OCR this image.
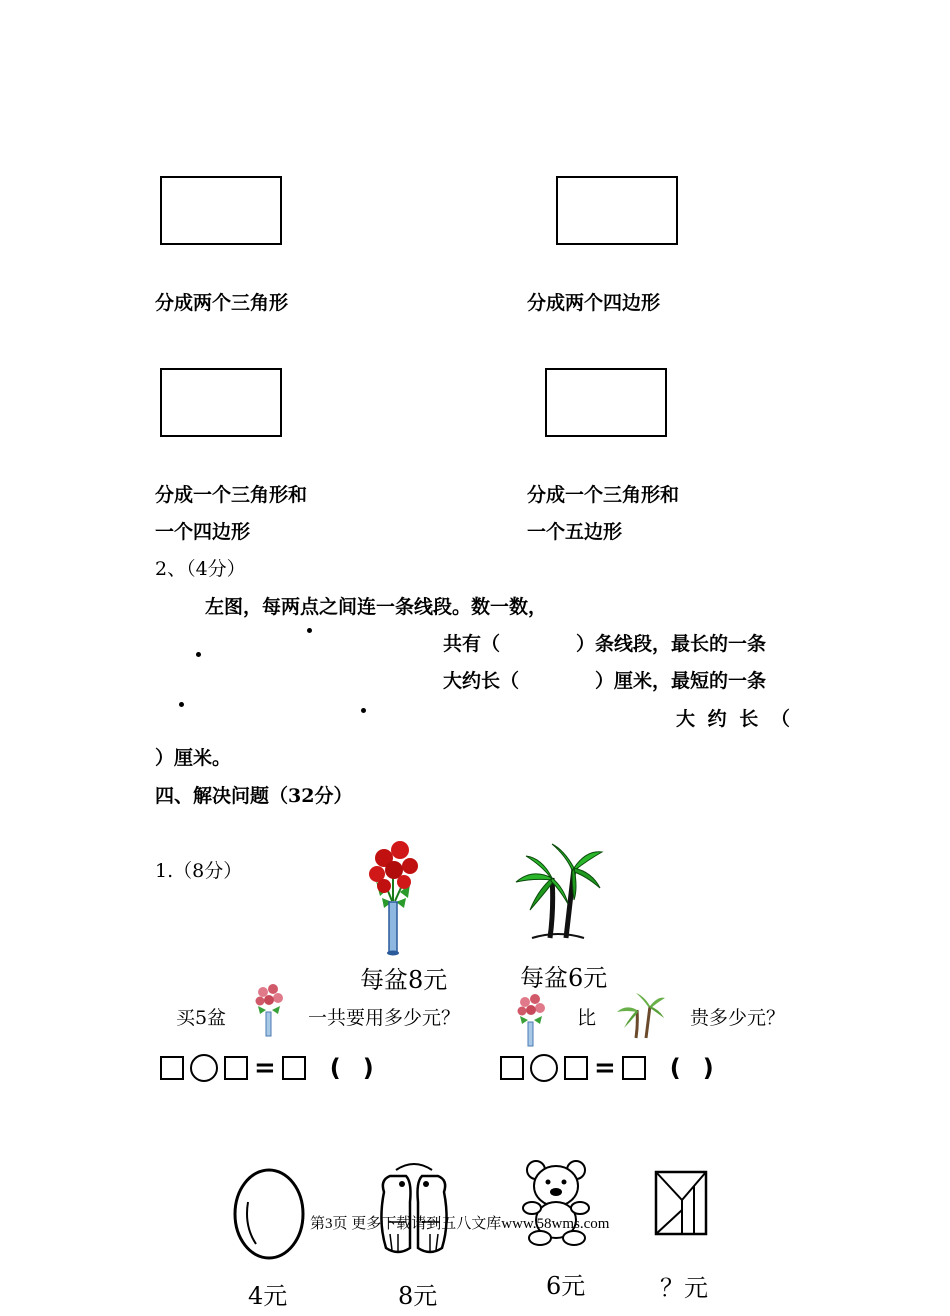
分成两个三角形	分成两个四边形
分成一个三角形和
一个四边形
分成一个三角形和
一个五边形
2、（4分）
左图，每两点之间连一条线段。数一数，
共有（　　　　）条线段，最长的一条
大约长（　　　　）厘米，最短的一条
大 约 长 （
）厘米。
四、解决问题（32分）
1.（8分）
每盆8元	每盆6元
买5盆	一共要用多少元？	比	贵多少元？
= ()	= ()
第3页 更多下载请到五八文库www.58wms.com
4元	8元	6元	？元
